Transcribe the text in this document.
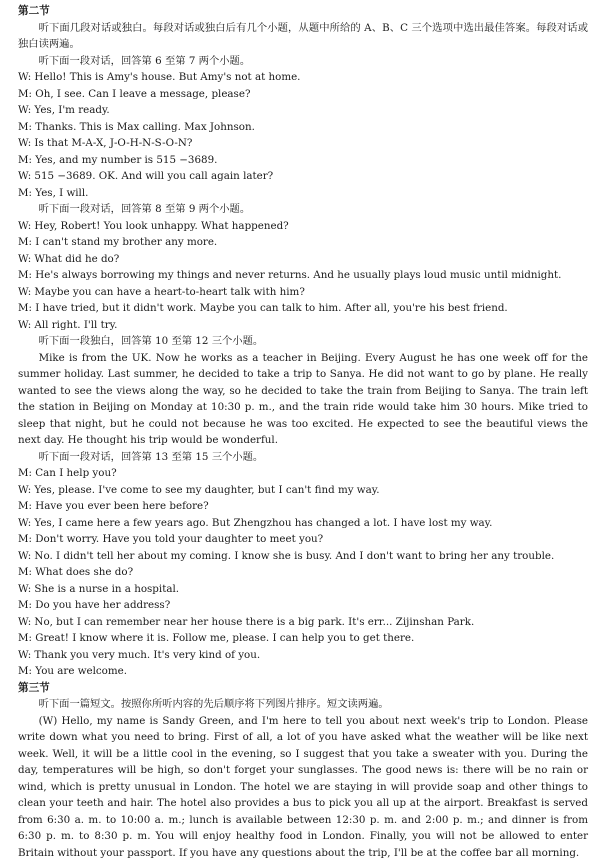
第二节
听下面几段对话或独白。每段对话或独白后有几个小题，从题中所给的 A、B、C 三个选项中选出最佳答案。每段对话或独白读两遍。
听下面一段对话，回答第 6 至第 7 两个小题。
W: Hello! This is Amy's house. But Amy's not at home.
M: Oh, I see. Can I leave a message, please?
W: Yes, I'm ready.
M: Thanks. This is Max calling. Max Johnson.
W: Is that M-A-X, J-O-H-N-S-O-N?
M: Yes, and my number is 515 −3689.
W: 515 −3689. OK. And will you call again later?
M: Yes, I will.
听下面一段对话，回答第 8 至第 9 两个小题。
W: Hey, Robert! You look unhappy. What happened?
M: I can't stand my brother any more.
W: What did he do?
M: He's always borrowing my things and never returns. And he usually plays loud music until midnight.
W: Maybe you can have a heart-to-heart talk with him?
M: I have tried, but it didn't work. Maybe you can talk to him. After all, you're his best friend.
W: All right. I'll try.
听下面一段独白，回答第 10 至第 12 三个小题。
Mike is from the UK. Now he works as a teacher in Beijing. Every August he has one week off for the summer holiday. Last summer, he decided to take a trip to Sanya. He did not want to go by plane. He really wanted to see the views along the way, so he decided to take the train from Beijing to Sanya. The train left the station in Beijing on Monday at 10:30 p. m., and the train ride would take him 30 hours. Mike tried to sleep that night, but he could not because he was too excited. He expected to see the beautiful views the next day. He thought his trip would be wonderful.
听下面一段对话，回答第 13 至第 15 三个小题。
M: Can I help you?
W: Yes, please. I've come to see my daughter, but I can't find my way.
M: Have you ever been here before?
W: Yes, I came here a few years ago. But Zhengzhou has changed a lot. I have lost my way.
M: Don't worry. Have you told your daughter to meet you?
W: No. I didn't tell her about my coming. I know she is busy. And I don't want to bring her any trouble.
M: What does she do?
W: She is a nurse in a hospital.
M: Do you have her address?
W: No, but I can remember near her house there is a big park. It's err... Zijinshan Park.
M: Great! I know where it is. Follow me, please. I can help you to get there.
W: Thank you very much. It's very kind of you.
M: You are welcome.
第三节
听下面一篇短文。按照你所听内容的先后顺序将下列图片排序。短文读两遍。
(W) Hello, my name is Sandy Green, and I'm here to tell you about next week's trip to London. Please write down what you need to bring. First of all, a lot of you have asked what the weather will be like next week. Well, it will be a little cool in the evening, so I suggest that you take a sweater with you. During the day, temperatures will be high, so don't forget your sunglasses. The good news is: there will be no rain or wind, which is pretty unusual in London. The hotel we are staying in will provide soap and other things to clean your teeth and hair. The hotel also provides a bus to pick you all up at the airport. Breakfast is served from 6:30 a. m. to 10:00 a. m.; lunch is available between 12:30 p. m. and 2:00 p. m.; and dinner is from 6:30 p. m. to 8:30 p. m. You will enjoy healthy food in London. Finally, you will not be allowed to enter Britain without your passport. If you have any questions about the trip, I'll be at the coffee bar all morning.
